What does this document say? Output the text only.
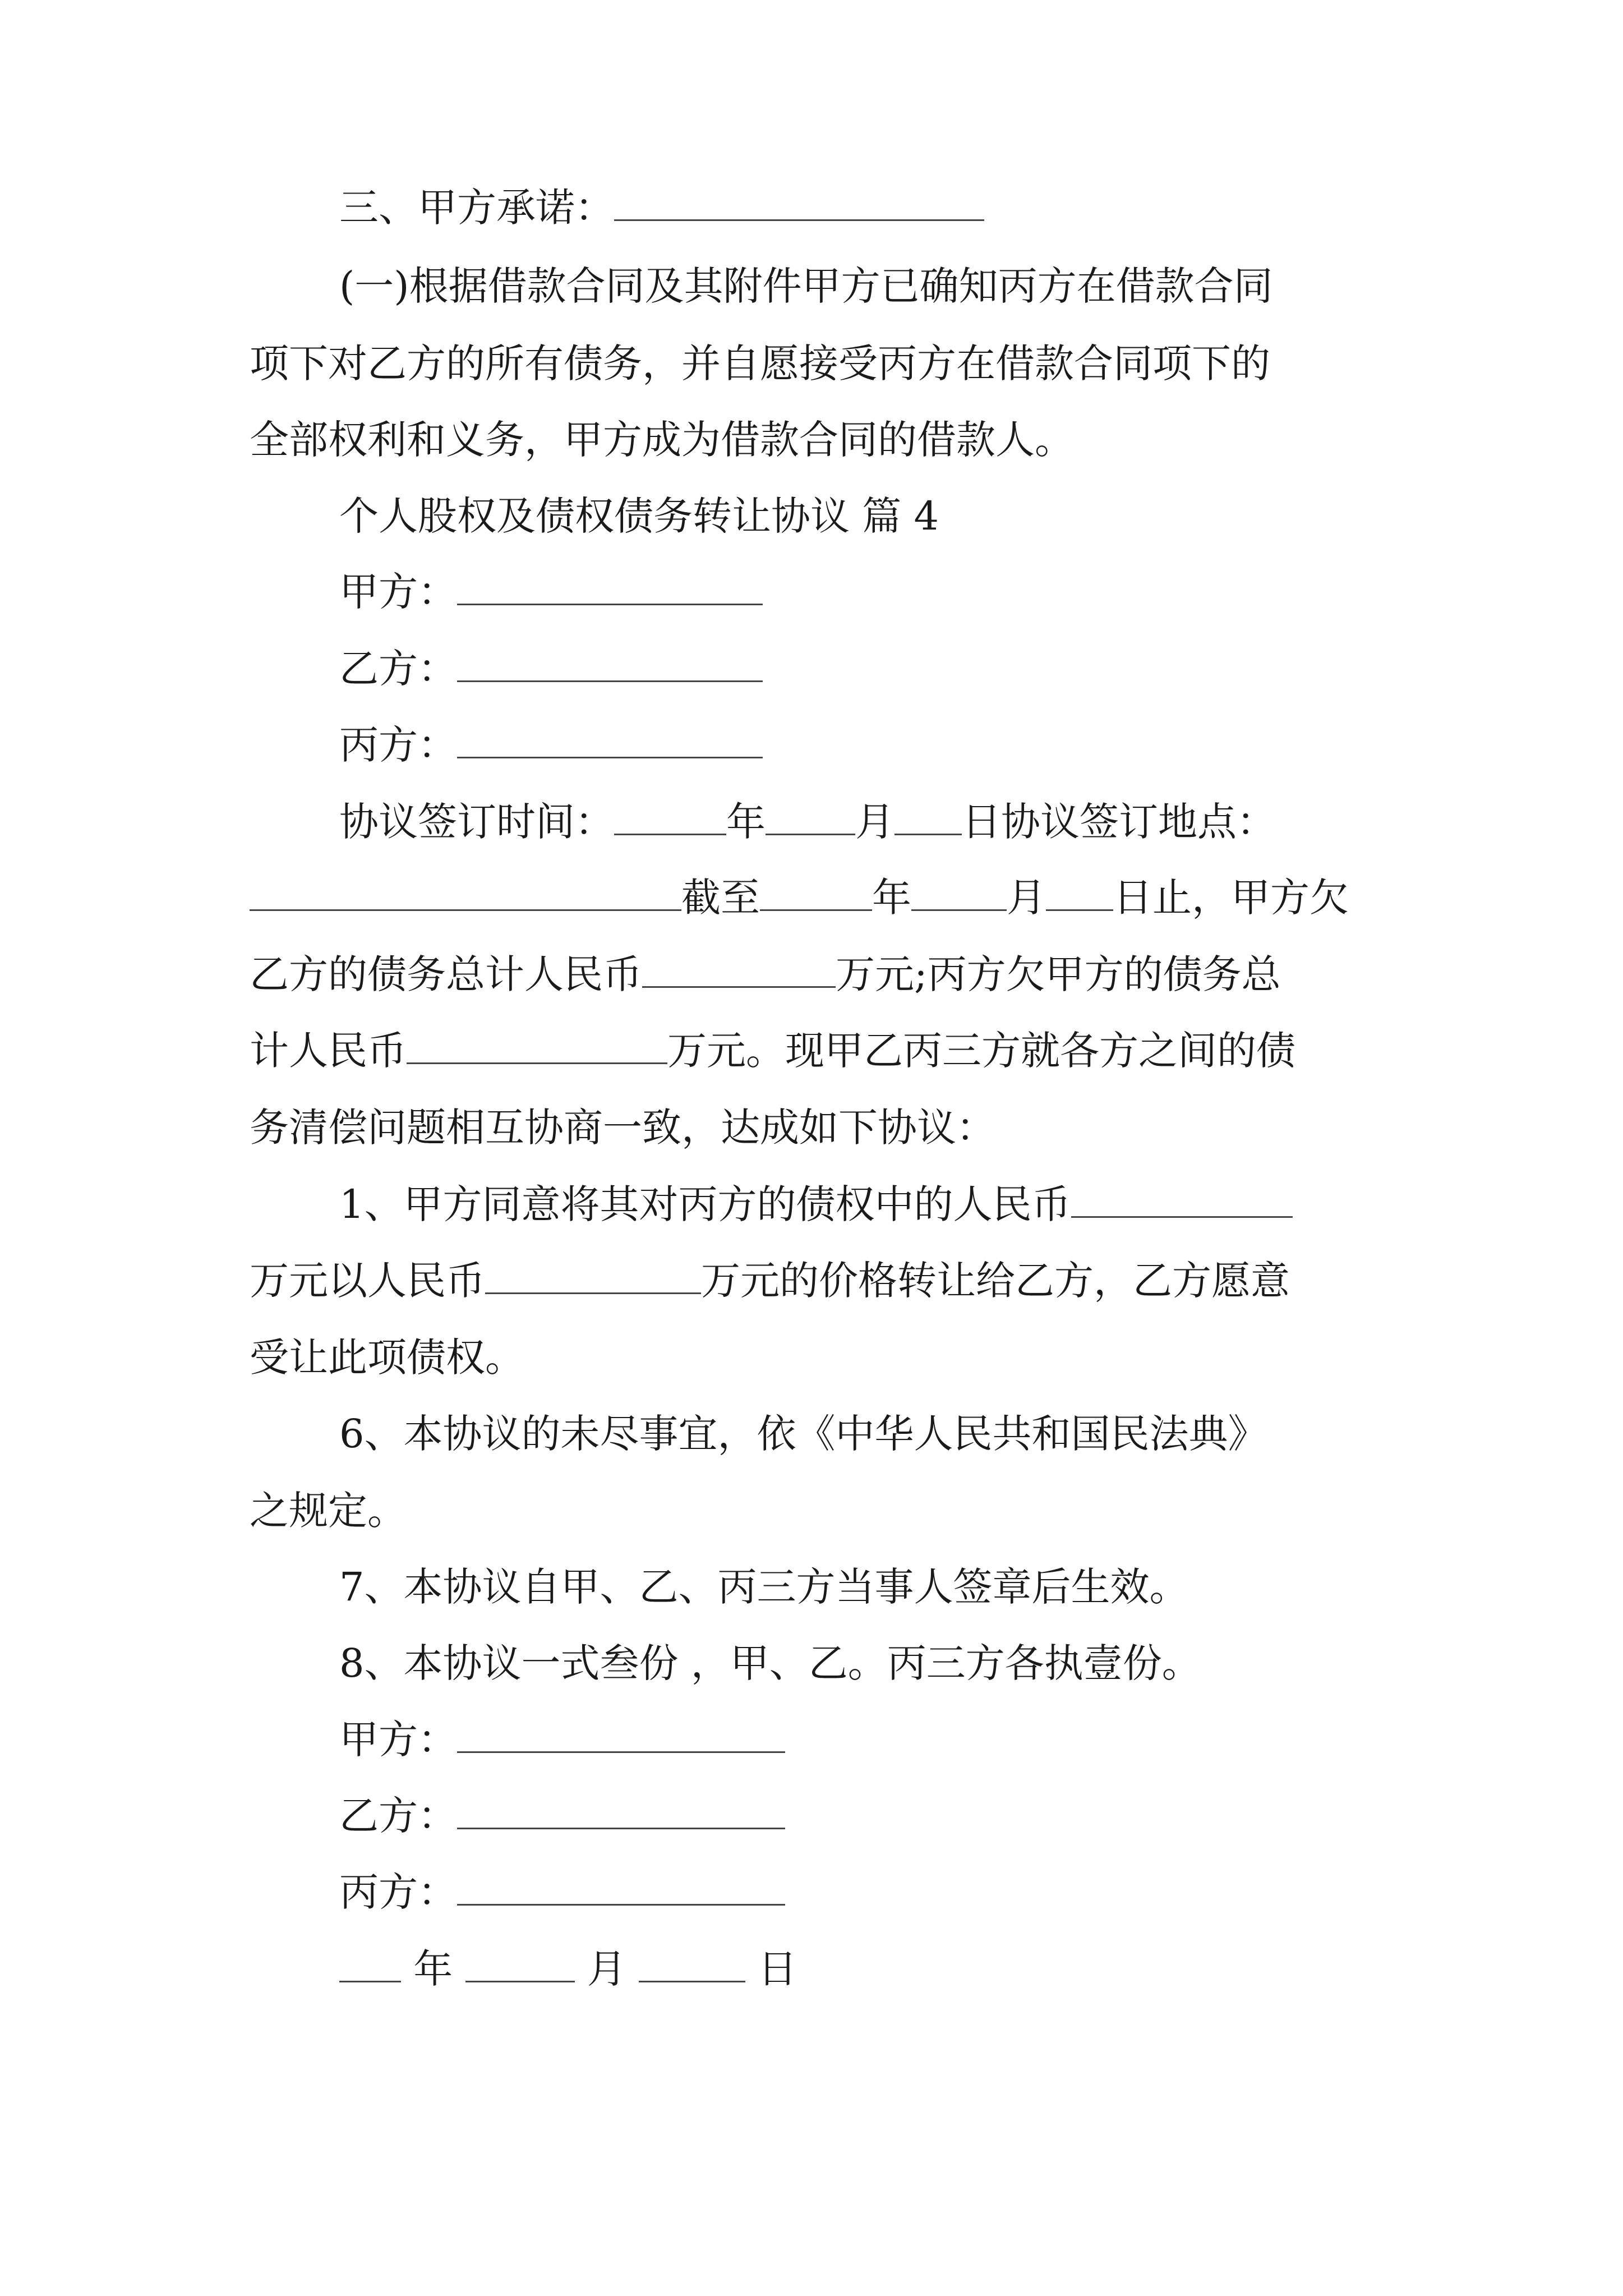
三、甲方承诺：
(一)根据借款合同及其附件甲方已确知丙方在借款合同
项下对乙方的所有债务，并自愿接受丙方在借款合同项下的
全部权利和义务，甲方成为借款合同的借款人。
个人股权及债权债务转让协议 篇 4
甲方：
乙方：
丙方：
协议签订时间：	年 月 日协议签订地点：
截至	年 月 日止，甲方欠
乙方的债务总计人民币	万元;丙方欠甲方的债务总
计人民币	万元。现甲乙丙三方就各方之间的债
务清偿问题相互协商一致，达成如下协议：
1、甲方同意将其对丙方的债权中的人民币
万元以人民币	万元的价格转让给乙方，乙方愿意
受让此项债权。
6、本协议的未尽事宜，依《中华人民共和国民法典》
之规定。
7、本协议自甲、乙、丙三方当事人签章后生效。
8、本协议一式叁份 ，甲、乙。丙三方各执壹份。
甲方：
乙方：
丙方：
年	月	日
